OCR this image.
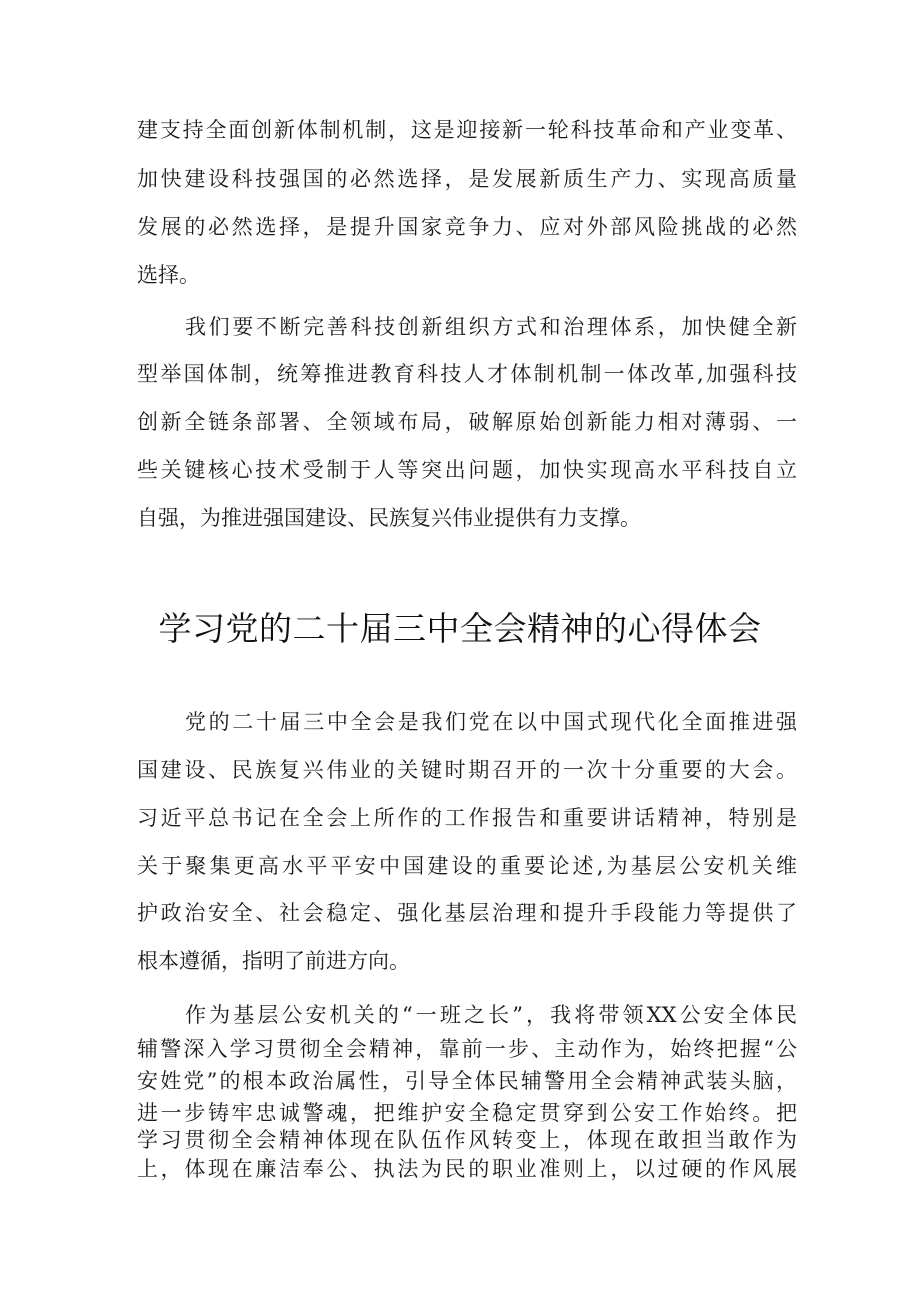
建支持全面创新体制机制，这是迎接新一轮科技革命和产业变革、
加快建设科技强国的必然选择，是发展新质生产力、实现高质量
发展的必然选择，是提升国家竞争力、应对外部风险挑战的必然
选择。
我们要不断完善科技创新组织方式和治理体系，加快健全新
型举国体制，统筹推进教育科技人才体制机制一体改革,加强科技
创新全链条部署、全领域布局，破解原始创新能力相对薄弱、一
些关键核心技术受制于人等突出问题，加快实现高水平科技自立
自强，为推进强国建设、民族复兴伟业提供有力支撑。
学习党的二十届三中全会精神的心得体会
党的二十届三中全会是我们党在以中国式现代化全面推进强
国建设、民族复兴伟业的关键时期召开的一次十分重要的大会。
习近平总书记在全会上所作的工作报告和重要讲话精神，特别是
关于聚集更高水平平安中国建设的重要论述,为基层公安机关维
护政治安全、社会稳定、强化基层治理和提升手段能力等提供了
根本遵循，指明了前进方向。
作为基层公安机关的“一班之长”，我将带领XX公安全体民
辅警深入学习贯彻全会精神，靠前一步、主动作为，始终把握“公
安姓党”的根本政治属性，引导全体民辅警用全会精神武装头脑，
进一步铸牢忠诚警魂，把维护安全稳定贯穿到公安工作始终。把
学习贯彻全会精神体现在队伍作风转变上，体现在敢担当敢作为
上，体现在廉洁奉公、执法为民的职业准则上，以过硬的作风展
